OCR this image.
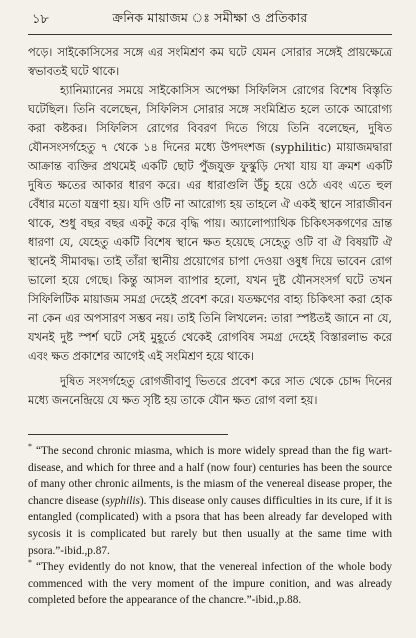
১৮	ক্রনিক মায়াজম ঃ সমীক্ষা ও প্রতিকার

পড়ে। সাইকোসিসের সঙ্গে এর সংমিশ্রণ কম ঘটে যেমন সোরার সঙ্গেই প্রায়ক্ষেত্রে স্বভাবতই ঘটে থাকে।

হ্যানিম্যানের সময়ে সাইকোসিস অপেক্ষা সিফিলিস রোগের বিশেষ বিস্তৃতি ঘটেছিল। তিনি বলেছেন, সিফিলিস সোরার সঙ্গে সংমিশ্রিত হলে তাকে আরোগ্য করা কষ্টকর। সিফিলিস রোগের বিবরণ দিতে গিয়ে তিনি বলেছেন, দুষিত যৌনসংসর্গহেতু ৭ থেকে ১৪ দিনের মধ্যে উপদংশজ (syphilitic) মায়াজমদ্বারা আক্রান্ত ব্যক্তির প্রথমেই একটি ছোট পুঁজযুক্ত ফুস্কুড়ি দেখা যায় যা ক্রমশ একটি দুষিত ক্ষতের আকার ধারণ করে। এর ধারাগুলি উঁচু হয়ে ওঠে এবং এতে হুল বেঁধার মতো যন্ত্রণা হয়। যদি ওটি না আরোগ্য হয় তাহলে ঐ একই স্থানে সারাজীবন থাকে, শুধু বছর বছর একটু করে বৃদ্ধি পায়। অ্যালোপ্যাথিক চিকিৎসকগণের ভ্রান্ত ধারণা যে, যেহেতু একটি বিশেষ স্থানে ক্ষত হয়েছে সেহেতু ওটি বা ঐ বিষয়টি ঐ স্থানেই সীমাবদ্ধ। তাই তাঁরা স্থানীয় প্রয়োগের চাপা দেওয়া ওষুধ দিয়ে ভাবেন রোগ ভালো হয়ে গেছে। কিন্তু আসল ব্যাপার হলো, যখন দুষ্ট যৌনসংসর্গ ঘটে তখন সিফিলিটিক মায়াজম সমগ্র দেহেই প্রবেশ করে। যতক্ষণের বাহ্য চিকিৎসা করা হোক না কেন এর অপসারণ সম্ভব নয়। তাই তিনি লিখলেন: তারা স্পষ্টতই জানে না যে, যখনই দুষ্ট স্পর্শ ঘটে সেই মুহূর্তে থেকেই রোগবিষ সমগ্র দেহেই বিস্তারলাভ করে এবং ক্ষত প্রকাশের আগেই এই সংমিশ্রণ হয়ে থাকে।

দুষিত সংসর্গহেতু রোগজীবাণু ভিতরে প্রবেশ করে সাত থেকে চোদ্দ দিনের মধ্যে জননেন্দ্রিয়ে যে ক্ষত সৃষ্টি হয় তাকে যৌন ক্ষত রোগ বলা হয়।

* “The second chronic miasma, which is more widely spread than the fig wart-disease, and which for three and a half (now four) centuries has been the source of many other chronic ailments, is the miasm of the venereal disease proper, the chancre disease (syphilis). This disease only causes difficulties in its cure, if it is entangled (complicated) with a psora that has been already far developed with sycosis it is complicated but rarely but then usually at the same time with psora.”-ibid.,p.87.

* “They evidently do not know, that the venereal infection of the whole body commenced with the very moment of the impure conition, and was already completed before the appearance of the chancre.”-ibid.,p.88.
